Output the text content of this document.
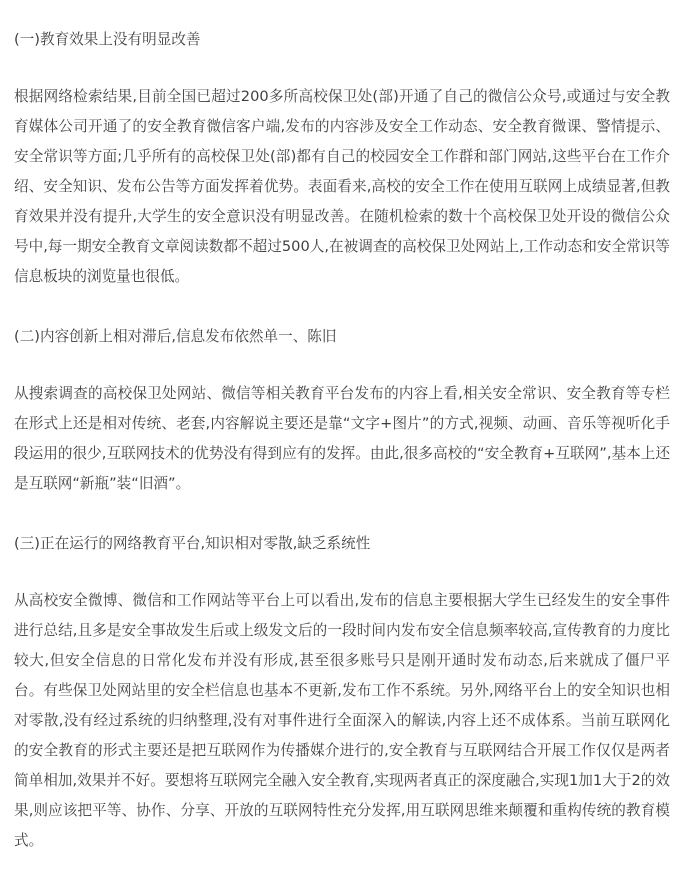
(一)教育效果上没有明显改善

根据网络检索结果,目前全国已超过200多所高校保卫处(部)开通了自己的微信公众号,或通过与安全教育媒体公司开通了的安全教育微信客户端,发布的内容涉及安全工作动态、安全教育微课、警情提示、安全常识等方面;几乎所有的高校保卫处(部)都有自己的校园安全工作群和部门网站,这些平台在工作介绍、安全知识、发布公告等方面发挥着优势。表面看来,高校的安全工作在使用互联网上成绩显著,但教育效果并没有提升,大学生的安全意识没有明显改善。在随机检索的数十个高校保卫处开设的微信公众号中,每一期安全教育文章阅读数都不超过500人,在被调查的高校保卫处网站上,工作动态和安全常识等信息板块的浏览量也很低。

(二)内容创新上相对滞后,信息发布依然单一、陈旧

从搜索调查的高校保卫处网站、微信等相关教育平台发布的内容上看,相关安全常识、安全教育等专栏在形式上还是相对传统、老套,内容解说主要还是靠“文字+图片”的方式,视频、动画、音乐等视听化手段运用的很少,互联网技术的优势没有得到应有的发挥。由此,很多高校的“安全教育+互联网”,基本上还是互联网“新瓶”装“旧酒”。

(三)正在运行的网络教育平台,知识相对零散,缺乏系统性

从高校安全微博、微信和工作网站等平台上可以看出,发布的信息主要根据大学生已经发生的安全事件进行总结,且多是安全事故发生后或上级发文后的一段时间内发布安全信息频率较高,宣传教育的力度比较大,但安全信息的日常化发布并没有形成,甚至很多账号只是刚开通时发布动态,后来就成了僵尸平台。有些保卫处网站里的安全栏信息也基本不更新,发布工作不系统。另外,网络平台上的安全知识也相对零散,没有经过系统的归纳整理,没有对事件进行全面深入的解读,内容上还不成体系。当前互联网化的安全教育的形式主要还是把互联网作为传播媒介进行的,安全教育与互联网结合开展工作仅仅是两者简单相加,效果并不好。要想将互联网完全融入安全教育,实现两者真正的深度融合,实现1加1大于2的效果,则应该把平等、协作、分享、开放的互联网特性充分发挥,用互联网思维来颠覆和重构传统的教育模式。
